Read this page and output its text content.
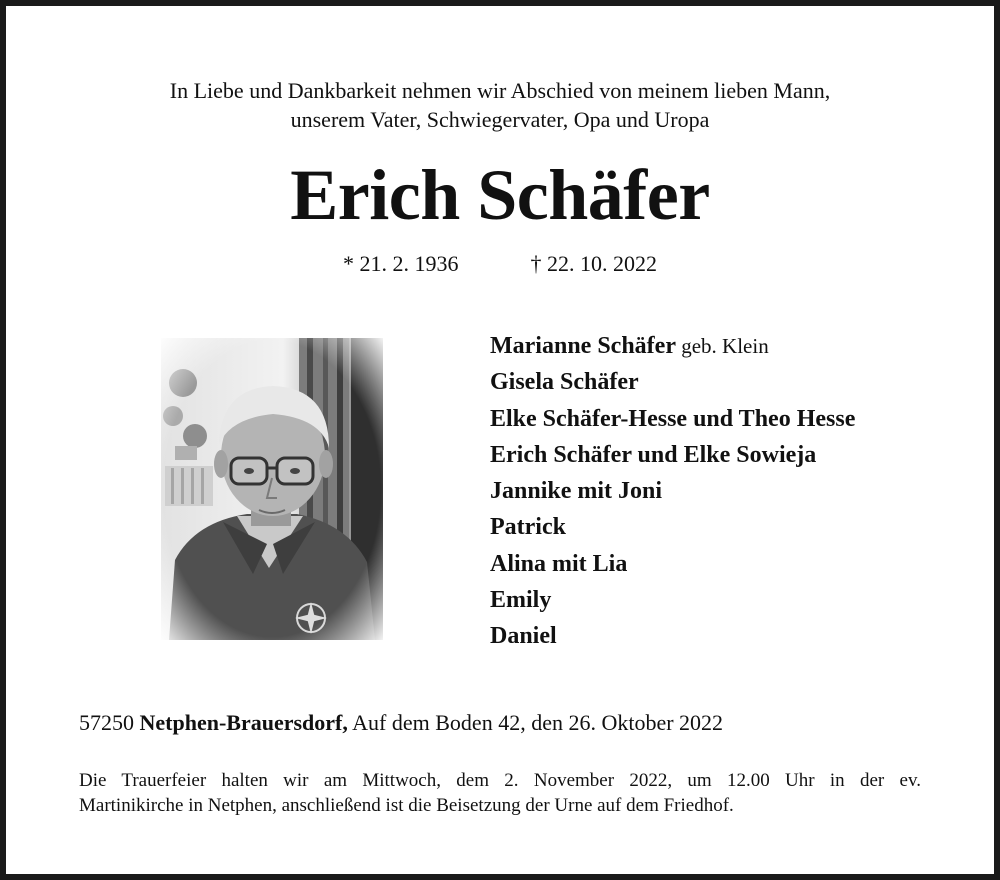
In Liebe und Dankbarkeit nehmen wir Abschied von meinem lieben Mann,
unserem Vater, Schwiegervater, Opa und Uropa
Erich Schäfer
* 21. 2. 1936	† 22. 10. 2022
Marianne Schäfer geb. Klein
Gisela Schäfer
Elke Schäfer-Hesse und Theo Hesse
Erich Schäfer und Elke Sowieja
Jannike mit Joni
Patrick
Alina mit Lia
Emily
Daniel
57250 Netphen-Brauersdorf, Auf dem Boden 42, den 26. Oktober 2022
Die Trauerfeier halten wir am Mittwoch, dem 2. November 2022, um 12.00 Uhr in der ev.
Martinikirche in Netphen, anschließend ist die Beisetzung der Urne auf dem Friedhof.
